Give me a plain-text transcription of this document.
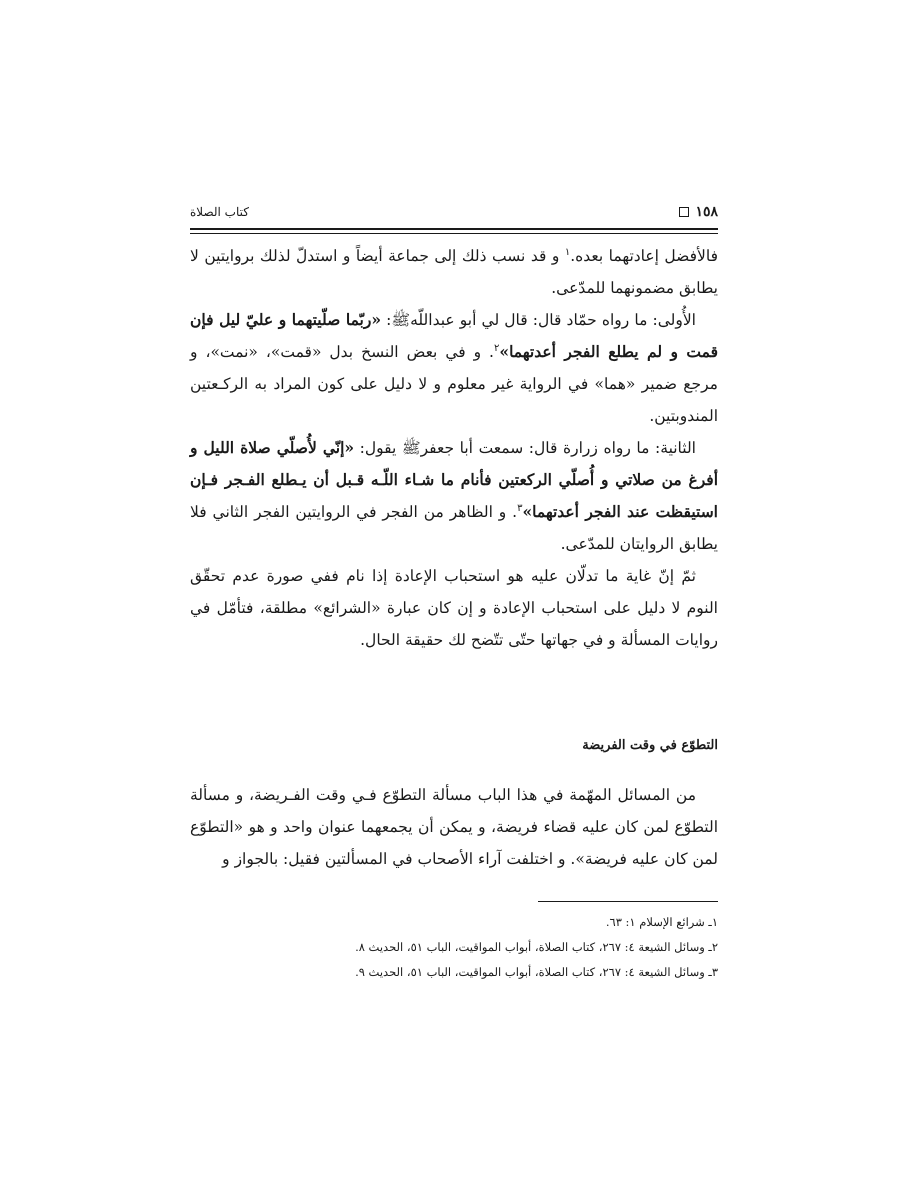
١٥٨
كتاب الصلاة

فالأفضل إعادتهما بعده.$^١$ و قد نسب ذلك إلى جماعة أيضاً و استدلّ لذلك بروايتين لا يطابق مضمونهما للمدّعى.

الأُولى: ما رواه حمّاد قال: قال لي أبو عبداللّهﷺ: «ربّما صلّيتهما و عليّ ليل فإن قمت و لم يطلع الفجر أعدتهما»$^٢$. و في بعض النسخ بدل «قمت»، «نمت»، و مرجع ضمير «هما» في الرواية غير معلوم و لا دليل على كون المراد به الركـعتين المندوبتين.

الثانية: ما رواه زرارة قال: سمعت أبا جعفرﷺ يقول: «إنّي لأُصلّي صلاة الليل و أفرغ من صلاتي و أُصلّي الركعتين فأنام ما شـاء اللّـه قـبل أن يـطلع الفـجر فـإن استيقظت عند الفجر أعدتهما»$^٣$. و الظاهر من الفجر في الروايتين الفجر الثاني فلا يطابق الروايتان للمدّعى.

ثمّ إنّ غاية ما تدلّان عليه هو استحباب الإعادة إذا نام ففي صورة عدم تحقّق النوم لا دليل على استحباب الإعادة و إن كان عبارة «الشرائع» مطلقة، فتأمّل في روايات المسألة و في جهاتها حتّى تتّضح لك حقيقة الحال.

التطوّع في وقت الفريضة

من المسائل المهّمة في هذا الباب مسألة التطوّع فـي وقت الفـريضة، و مسألة التطوّع لمن كان عليه قضاء فريضة، و يمكن أن يجمعهما عنوان واحد و هو «التطوّع لمن كان عليه فريضة». و اختلفت آراء الأصحاب في المسألتين فقيل: بالجواز و

١ـ شرائع الإسلام ١: ٦٣.
٢ـ وسائل الشيعة ٤: ٢٦٧، كتاب الصلاة، أبواب المواقيت، الباب ٥١، الحديث ٨.
٣ـ وسائل الشيعة ٤: ٢٦٧، كتاب الصلاة، أبواب المواقيت، الباب ٥١، الحديث ٩.
